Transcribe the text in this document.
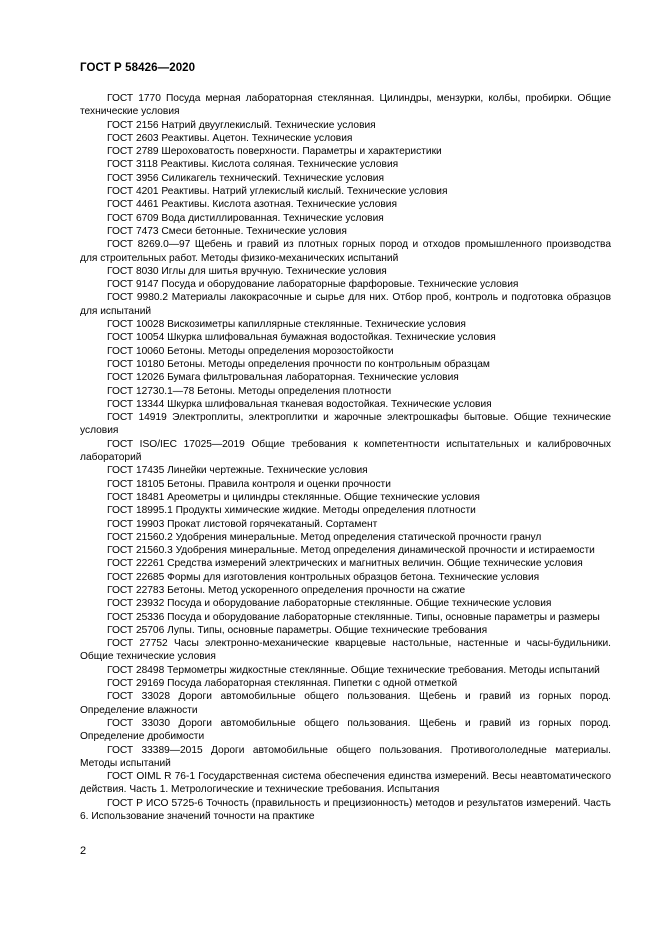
ГОСТ Р 58426—2020

ГОСТ 1770 Посуда мерная лабораторная стеклянная. Цилиндры, мензурки, колбы, пробирки. Общие технические условия

ГОСТ 2156 Натрий двууглекислый. Технические условия

ГОСТ 2603 Реактивы. Ацетон. Технические условия

ГОСТ 2789 Шероховатость поверхности. Параметры и характеристики

ГОСТ 3118 Реактивы. Кислота соляная. Технические условия

ГОСТ 3956 Силикагель технический. Технические условия

ГОСТ 4201 Реактивы. Натрий углекислый кислый. Технические условия

ГОСТ 4461 Реактивы. Кислота азотная. Технические условия

ГОСТ 6709 Вода дистиллированная. Технические условия

ГОСТ 7473 Смеси бетонные. Технические условия

ГОСТ 8269.0—97 Щебень и гравий из плотных горных пород и отходов промышленного производства для строительных работ. Методы физико-механических испытаний

ГОСТ 8030 Иглы для шитья вручную. Технические условия

ГОСТ 9147 Посуда и оборудование лабораторные фарфоровые. Технические условия

ГОСТ 9980.2 Материалы лакокрасочные и сырье для них. Отбор проб, контроль и подготовка образцов для испытаний

ГОСТ 10028 Вискозиметры капиллярные стеклянные. Технические условия

ГОСТ 10054 Шкурка шлифовальная бумажная водостойкая. Технические условия

ГОСТ 10060 Бетоны. Методы определения морозостойкости

ГОСТ 10180 Бетоны. Методы определения прочности по контрольным образцам

ГОСТ 12026 Бумага фильтровальная лабораторная. Технические условия

ГОСТ 12730.1—78 Бетоны. Методы определения плотности

ГОСТ 13344 Шкурка шлифовальная тканевая водостойкая. Технические условия

ГОСТ 14919 Электроплиты, электроплитки и жарочные электрошкафы бытовые. Общие технические условия

ГОСТ ISO/IEC 17025—2019 Общие требования к компетентности испытательных и калибровочных лабораторий

ГОСТ 17435 Линейки чертежные. Технические условия

ГОСТ 18105 Бетоны. Правила контроля и оценки прочности

ГОСТ 18481 Ареометры и цилиндры стеклянные. Общие технические условия

ГОСТ 18995.1 Продукты химические жидкие. Методы определения плотности

ГОСТ 19903 Прокат листовой горячекатаный. Сортамент

ГОСТ 21560.2 Удобрения минеральные. Метод определения статической прочности гранул

ГОСТ 21560.3 Удобрения минеральные. Метод определения динамической прочности и истираемости

ГОСТ 22261 Средства измерений электрических и магнитных величин. Общие технические условия

ГОСТ 22685 Формы для изготовления контрольных образцов бетона. Технические условия

ГОСТ 22783 Бетоны. Метод ускоренного определения прочности на сжатие

ГОСТ 23932 Посуда и оборудование лабораторные стеклянные. Общие технические условия

ГОСТ 25336 Посуда и оборудование лабораторные стеклянные. Типы, основные параметры и размеры

ГОСТ 25706 Лупы. Типы, основные параметры. Общие технические требования

ГОСТ 27752 Часы электронно-механические кварцевые настольные, настенные и часы-будильники. Общие технические условия

ГОСТ 28498 Термометры жидкостные стеклянные. Общие технические требования. Методы испытаний

ГОСТ 29169 Посуда лабораторная стеклянная. Пипетки с одной отметкой

ГОСТ 33028 Дороги автомобильные общего пользования. Щебень и гравий из горных пород. Определение влажности

ГОСТ 33030 Дороги автомобильные общего пользования. Щебень и гравий из горных пород. Определение дробимости

ГОСТ 33389—2015 Дороги автомобильные общего пользования. Противогололедные материалы. Методы испытаний

ГОСТ OIML R 76-1 Государственная система обеспечения единства измерений. Весы неавтоматического действия. Часть 1. Метрологические и технические требования. Испытания

ГОСТ Р ИСО 5725-6 Точность (правильность и прецизионность) методов и результатов измерений. Часть 6. Использование значений точности на практике

2
